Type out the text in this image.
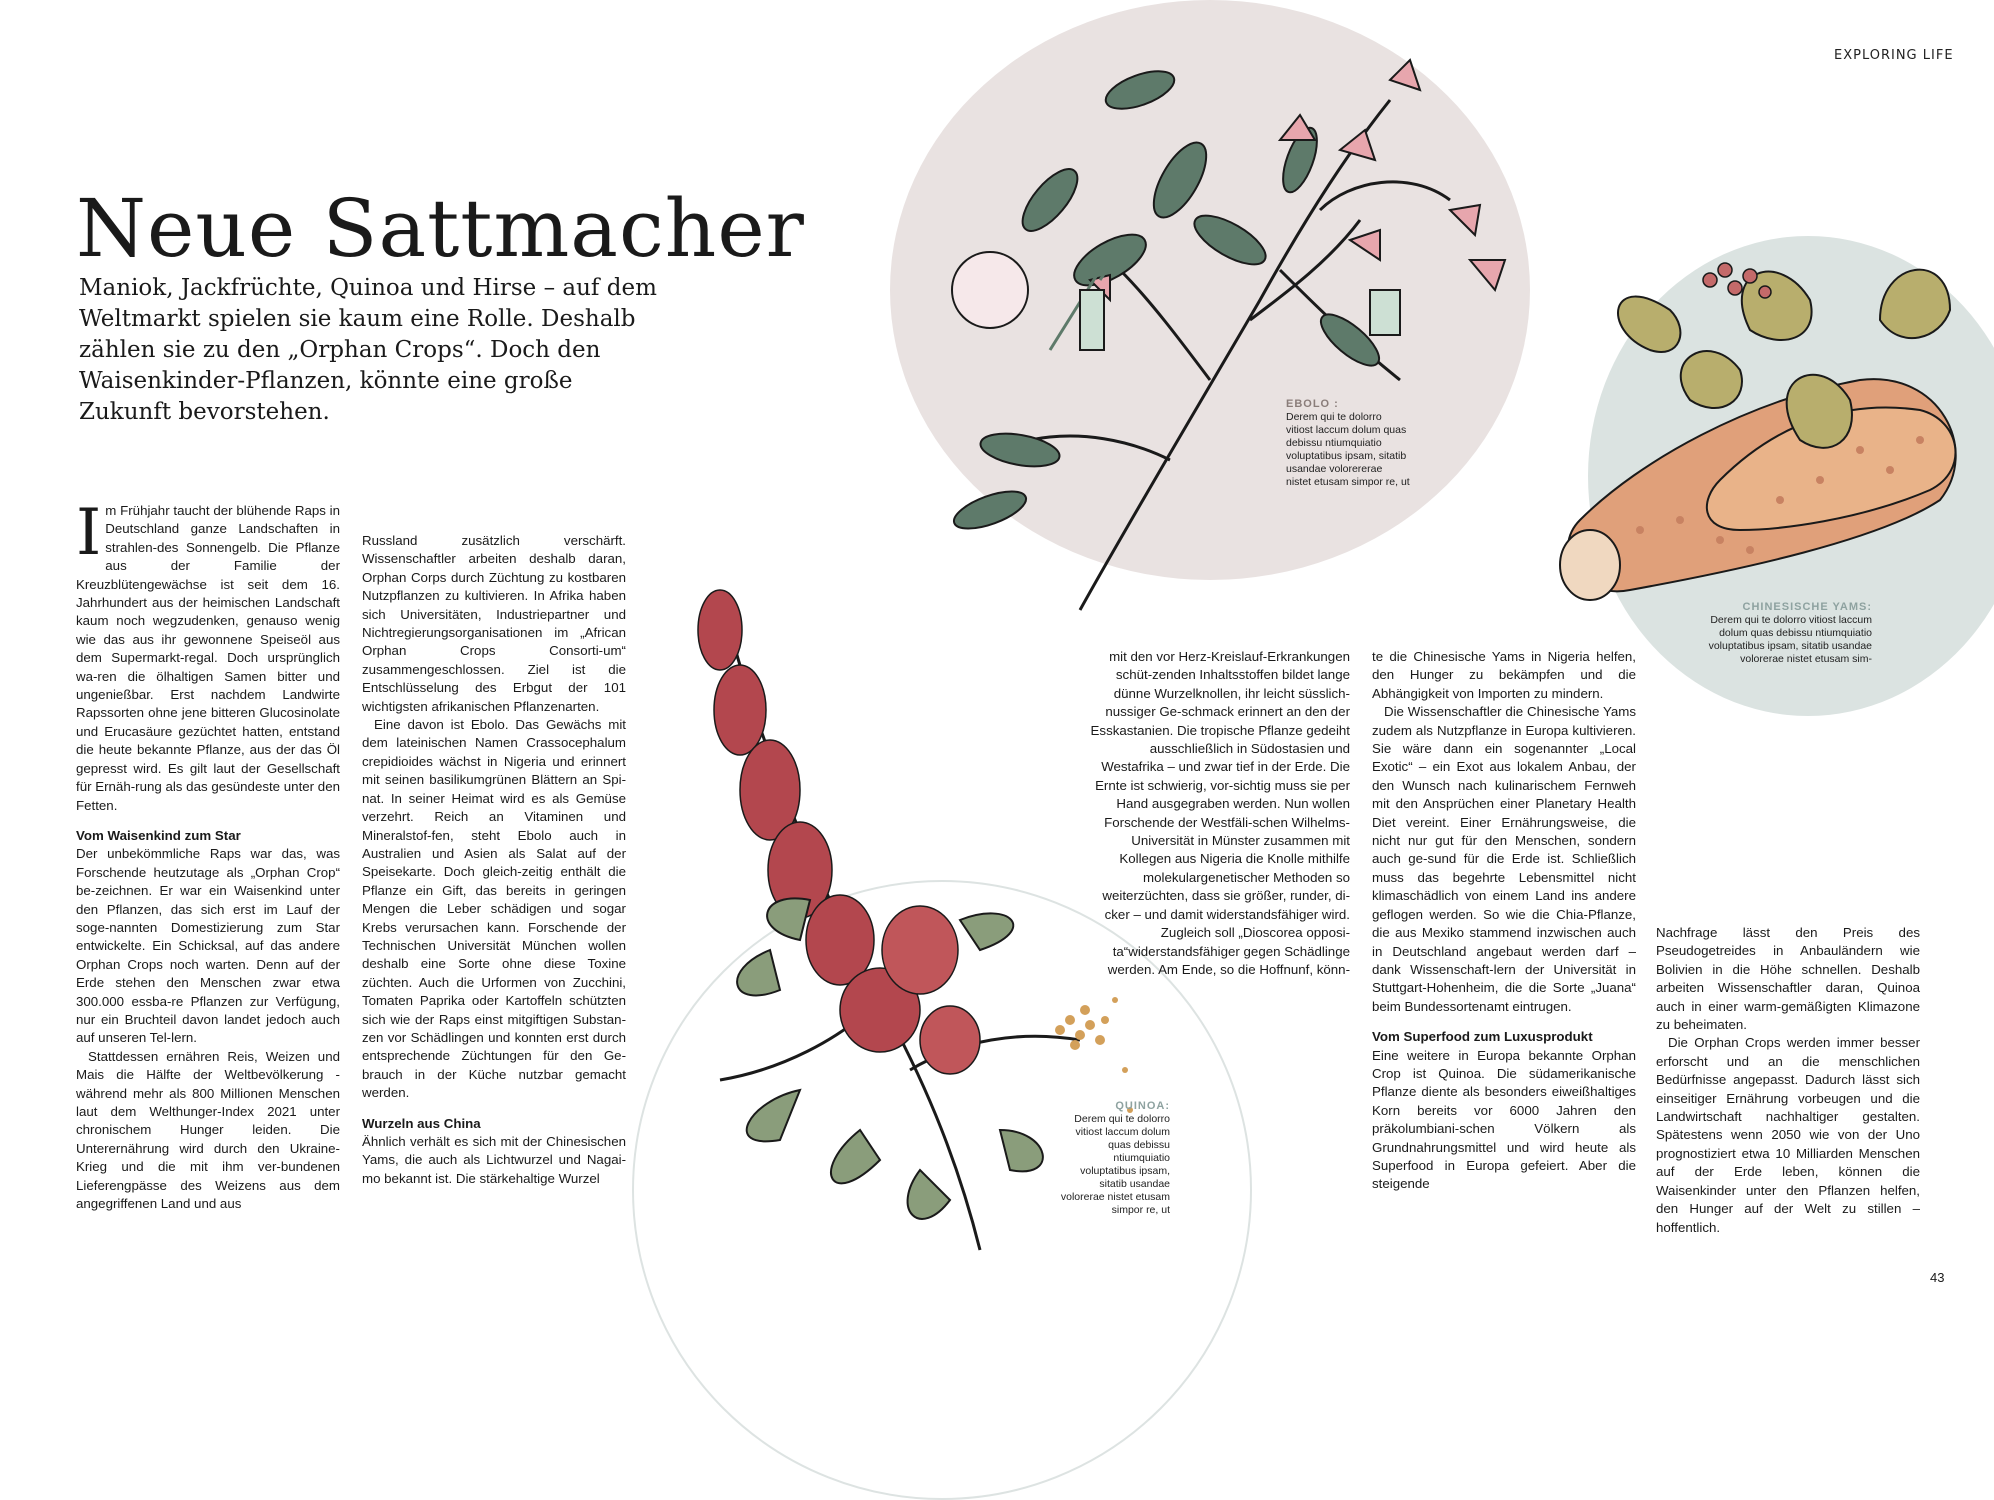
EXPLORING LIFE
Neue Sattmacher
Maniok, Jackfrüchte, Quinoa und Hirse – auf dem Weltmarkt spielen sie kaum eine Rolle. Deshalb zählen sie zu den „Orphan Crops“. Doch den Waisenkinder-Pflanzen, könnte eine große Zukunft bevorstehen.	EBOLO :
Derem qui te dolorro vitiost laccum dolum quas debissu ntiumquiatio voluptatibus ipsam, sitatib usandae volorererae nistet etusam simpor re, ut
CHINESISCHE YAMS:
Derem qui te dolorro vitiost laccum dolum quas debissu ntiumquiatio voluptatibus ipsam, sitatib usandae volorerae nistet etusam sim-
QUINOA:
Derem qui te dolorro vitiost laccum dolum quas debissu ntiumquiatio voluptatibus ipsam, sitatib usandae volorerae nistet etusam simpor re, ut

Im Frühjahr taucht der blühende Raps in Deutschland ganze Landschaften in strahlen-des Sonnengelb. Die Pflanze aus der Familie der Kreuzblütengewächse ist seit dem 16. Jahrhundert aus der heimischen Landschaft kaum noch wegzudenken, genauso wenig wie das aus ihr gewonnene Speiseöl aus dem Supermarkt-regal. Doch ursprünglich wa-ren die ölhaltigen Samen bitter und ungenießbar. Erst nachdem Landwirte Rapssorten ohne jene bitteren Glucosinolate und Erucasäure gezüchtet hatten, entstand die heute bekannte Pflanze, aus der das Öl gepresst wird. Es gilt laut der Gesellschaft für Ernäh-rung als das gesündeste unter den Fetten.

Vom Waisenkind zum Star

Der unbekömmliche Raps war das, was Forschende heutzutage als „Orphan Crop“ be-zeichnen. Er war ein Waisenkind unter den Pflanzen, das sich erst im Lauf der soge-nannten Domestizierung zum Star entwickelte. Ein Schicksal, auf das andere Orphan Crops noch warten. Denn auf der Erde stehen den Menschen zwar etwa 300.000 essba-re Pflanzen zur Verfügung, nur ein Bruchteil davon landet jedoch auch auf unseren Tel-lern.

Stattdessen ernähren Reis, Weizen und Mais die Hälfte der Weltbevölkerung - während mehr als 800 Millionen Menschen laut dem Welthunger-Index 2021 unter chronischem Hunger leiden. Die Unterernährung wird durch den Ukraine-Krieg und die mit ihm ver-bundenen Lieferengpässe des Weizens aus dem angegriffenen Land und aus

Russland zusätzlich verschärft. Wissenschaftler arbeiten deshalb daran, Orphan Corps durch Züchtung zu kostbaren Nutzpflanzen zu kultivieren. In Afrika haben sich Universitäten, Industriepartner und Nichtregierungsorganisationen im „African Orphan Crops Consorti-um“ zusammengeschlossen. Ziel ist die Entschlüsselung des Erbgut der 101 wichtigsten afrikanischen Pflanzenarten.

Eine davon ist Ebolo. Das Gewächs mit dem lateinischen Namen Crassocephalum crepidioides wächst in Nigeria und erinnert mit seinen basilikumgrünen Blättern an Spi-nat. In seiner Heimat wird es als Gemüse verzehrt. Reich an Vitaminen und Mineralstof-fen, steht Ebolo auch in Australien und Asien als Salat auf der Speisekarte. Doch gleich-zeitig enthält die Pflanze ein Gift, das bereits in geringen Mengen die Leber schädigen und sogar Krebs verursachen kann. Forschende der Technischen Universität München wollen deshalb eine Sorte ohne diese Toxine züchten. Auch die Urformen von Zucchini, Tomaten Paprika oder Kartoffeln schützten sich wie der Raps einst mitgiftigen Substan-zen vor Schädlingen und konnten erst durch entsprechende Züchtungen für den Ge-brauch in der Küche nutzbar gemacht werden.

Wurzeln aus China

Ähnlich verhält es sich mit der Chinesischen Yams, die auch als Lichtwurzel und Nagai-mo bekannt ist. Die stärkehaltige Wurzel

mit den vor Herz-Kreislauf-Erkrankungen schüt-zenden Inhaltsstoffen bildet lange dünne Wurzelknollen, ihr leicht süsslich-nussiger Ge-schmack erinnert an den der Esskastanien. Die tropische Pflanze gedeiht ausschließlich in Südostasien und Westafrika – und zwar tief in der Erde. Die Ernte ist schwierig, vor-sichtig muss sie per Hand ausgegraben werden. Nun wollen Forschende der Westfäli-schen Wilhelms-Universität in Münster zusammen mit Kollegen aus Nigeria die Knolle mithilfe molekulargenetischer Methoden so weiterzüchten, dass sie größer, runder, di-cker – und damit widerstandsfähiger wird. Zugleich soll „Dioscorea opposi-ta“widerstandsfähiger gegen Schädlinge werden. Am Ende, so die Hoffnunf, könn-

te die Chinesische Yams in Nigeria helfen, den Hunger zu bekämpfen und die Abhängigkeit von Importen zu mindern.

Die Wissenschaftler die Chinesische Yams zudem als Nutzpflanze in Europa kultivieren. Sie wäre dann ein sogenannter „Local Exotic“ – ein Exot aus lokalem Anbau, der den Wunsch nach kulinarischem Fernweh mit den Ansprüchen einer Planetary Health Diet vereint. Einer Ernährungsweise, die nicht nur gut für den Menschen, sondern auch ge-sund für die Erde ist. Schließlich muss das begehrte Lebensmittel nicht klimaschädlich von einem Land ins andere geflogen werden. So wie die Chia-Pflanze, die aus Mexiko stammend inzwischen auch in Deutschland angebaut werden darf – dank Wissenschaft-lern der Universität in Stuttgart-Hohenheim, die die Sorte „Juana“ beim Bundessortenamt eintrugen.

Vom Superfood zum Luxusprodukt

Eine weitere in Europa bekannte Orphan Crop ist Quinoa. Die südamerikanische Pflanze diente als besonders eiweißhaltiges Korn bereits vor 6000 Jahren den präkolumbiani-schen Völkern als Grundnahrungsmittel und wird heute als Superfood in Europa gefeiert. Aber die steigende

Nachfrage lässt den Preis des Pseudogetreides in Anbauländern wie Bolivien in die Höhe schnellen. Deshalb arbeiten Wissenschaftler daran, Quinoa auch in einer warm-gemäßigten Klimazone zu beheimaten.

Die Orphan Crops werden immer besser erforscht und an die menschlichen Bedürfnisse angepasst. Dadurch lässt sich einseitiger Ernährung vorbeugen und die Landwirtschaft nachhaltiger gestalten. Spätestens wenn 2050 wie von der Uno prognostiziert etwa 10 Milliarden Menschen auf der Erde leben, können die Waisenkinder unter den Pflanzen helfen, den Hunger auf der Welt zu stillen – hoffentlich.

43
